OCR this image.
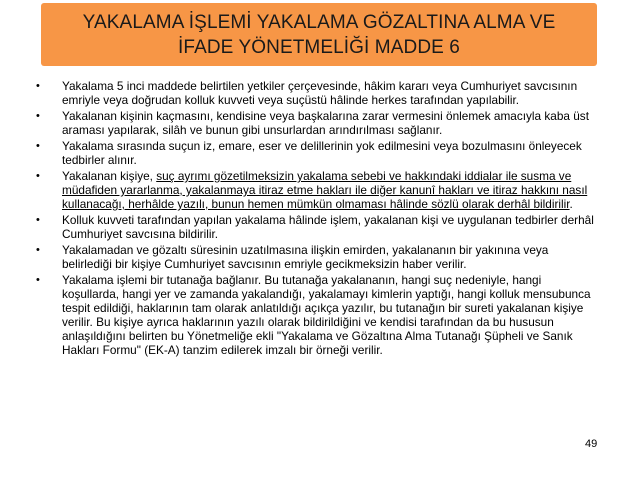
YAKALAMA İŞLEMİ YAKALAMA GÖZALTINA ALMA VE
İFADE YÖNETMELİĞİ MADDE 6
• Yakalama 5 inci maddede belirtilen yetkiler çerçevesinde, hâkim kararı veya Cumhuriyet savcısının emriyle veya doğrudan kolluk kuvveti veya suçüstü hâlinde herkes tarafından yapılabilir.
• Yakalanan kişinin kaçmasını, kendisine veya başkalarına zarar vermesini önlemek amacıyla kaba üst araması yapılarak, silâh ve bunun gibi unsurlardan arındırılması sağlanır.
• Yakalama sırasında suçun iz, emare, eser ve delillerinin yok edilmesini veya bozulmasını önleyecek tedbirler alınır.
• Yakalanan kişiye, suç ayrımı gözetilmeksizin yakalama sebebi ve hakkındaki iddialar ile susma ve müdafiden yararlanma, yakalanmaya itiraz etme hakları ile diğer kanunî hakları ve itiraz hakkını nasıl kullanacağı, herhâlde yazılı, bunun hemen mümkün olmaması hâlinde sözlü olarak derhâl bildirilir.
• Kolluk kuvveti tarafından yapılan yakalama hâlinde işlem, yakalanan kişi ve uygulanan tedbirler derhâl Cumhuriyet savcısına bildirilir.
• Yakalamadan ve gözaltı süresinin uzatılmasına ilişkin emirden, yakalananın bir yakınına veya belirlediği bir kişiye Cumhuriyet savcısının emriyle gecikmeksizin haber verilir.
• Yakalama işlemi bir tutanağa bağlanır. Bu tutanağa yakalananın, hangi suç nedeniyle, hangi koşullarda, hangi yer ve zamanda yakalandığı, yakalamayı kimlerin yaptığı, hangi kolluk mensubunca tespit edildiği, haklarının tam olarak anlatıldığı açıkça yazılır, bu tutanağın bir sureti yakalanan kişiye verilir. Bu kişiye ayrıca haklarının yazılı olarak bildirildiğini ve kendisi tarafından da bu hususun anlaşıldığını belirten bu Yönetmeliğe ekli "Yakalama ve Gözaltına Alma Tutanağı Şüpheli ve Sanık Hakları Formu" (EK-A) tanzim edilerek imzalı bir örneği verilir.
49
